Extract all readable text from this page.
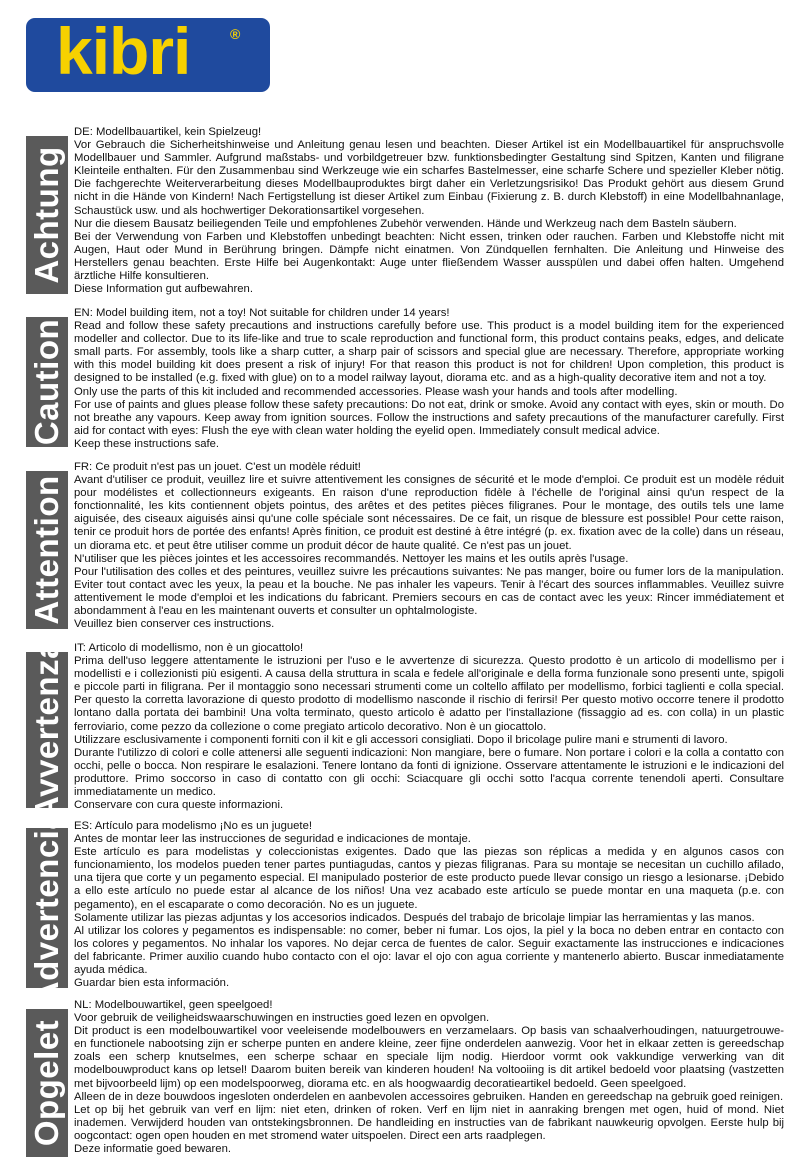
kibri	®
Achtung

DE: Modellbauartikel, kein Spielzeug!

Vor Gebrauch die Sicherheitshinweise und Anleitung genau lesen und beachten. Dieser Artikel ist ein Modellbauartikel für anspruchsvolle Modellbauer und Sammler. Aufgrund maßstabs- und vorbildgetreuer bzw. funktionsbedingter Gestaltung sind Spitzen, Kanten und filigrane Kleinteile enthalten. Für den Zusammenbau sind Werkzeuge wie ein scharfes Bastelmesser, eine scharfe Schere und spezieller Kleber nötig. Die fachgerechte Weiterverarbeitung dieses Modellbauproduktes birgt daher ein Verletzungsrisiko! Das Produkt gehört aus diesem Grund nicht in die Hände von Kindern! Nach Fertigstellung ist dieser Artikel zum Einbau (Fixierung z. B. durch Klebstoff) in eine Modellbahnanlage, Schaustück usw. und als hochwertiger Dekorationsartikel vorgesehen.

Nur die diesem Bausatz beiliegenden Teile und empfohlenes Zubehör verwenden. Hände und Werkzeug nach dem Basteln säubern.

Bei der Verwendung von Farben und Klebstoffen unbedingt beachten: Nicht essen, trinken oder rauchen. Farben und Klebstoffe nicht mit Augen, Haut oder Mund in Berührung bringen. Dämpfe nicht einatmen. Von Zündquellen fernhalten. Die Anleitung und Hinweise des Herstellers genau beachten. Erste Hilfe bei Augenkontakt: Auge unter fließendem Wasser ausspülen und dabei offen halten. Umgehend ärztliche Hilfe konsultieren.

Diese Information gut aufbewahren.

Caution

EN: Model building item, not a toy! Not suitable for children under 14 years!

Read and follow these safety precautions and instructions carefully before use. This product is a model building item for the experienced modeller and collector. Due to its life-like and true to scale reproduction and functional form, this product contains peaks, edges, and delicate small parts. For assembly, tools like a sharp cutter, a sharp pair of scissors and special glue are necessary. Therefore, appropriate working with this model building kit does present a risk of injury! For that reason this product is not for children! Upon completion, this product is designed to be installed (e.g. fixed with glue) on to a model railway layout, diorama etc. and as a high-quality decorative item and not a toy.

Only use the parts of this kit included and recommended accessories. Please wash your hands and tools after modelling.

For use of paints and glues please follow these safety precautions: Do not eat, drink or smoke. Avoid any contact with eyes, skin or mouth. Do not breathe any vapours. Keep away from ignition sources. Follow the instructions and safety precautions of the manufacturer carefully. First aid for contact with eyes: Flush the eye with clean water holding the eyelid open. Immediately consult medical advice.

Keep these instructions safe.

Attention

FR: Ce produit n'est pas un jouet. C'est un modèle réduit!

Avant d'utiliser ce produit, veuillez lire et suivre attentivement les consignes de sécurité et le mode d'emploi. Ce produit est un modèle réduit pour modélistes et collectionneurs exigeants. En raison d'une reproduction fidèle à l'échelle de l'original ainsi qu'un respect de la fonctionnalité, les kits contiennent objets pointus, des arêtes et des petites pièces filigranes. Pour le montage, des outils tels une lame aiguisée, des ciseaux aiguisés ainsi qu'une colle spéciale sont nécessaires. De ce fait, un risque de blessure est possible! Pour cette raison, tenir ce produit hors de portée des enfants! Après finition, ce produit est destiné à être intégré (p. ex. fixation avec de la colle) dans un réseau, un diorama etc. et peut être utiliser comme un produit décor de haute qualité. Ce n'est pas un jouet.

N'utiliser que les pièces jointes et les accessoires recommandés. Nettoyer les mains et les outils après l'usage.

Pour l'utilisation des colles et des peintures, veuillez suivre les précautions suivantes: Ne pas manger, boire ou fumer lors de la manipulation. Eviter tout contact avec les yeux, la peau et la bouche. Ne pas inhaler les vapeurs. Tenir à l'écart des sources inflammables. Veuillez suivre attentivement le mode d'emploi et les indications du fabricant. Premiers secours en cas de contact avec les yeux: Rincer immédiatement et abondamment à l'eau en les maintenant ouverts et consulter un ophtalmologiste.

Veuillez bien conserver ces instructions.

Avvertenza IT: Articolo di modellismo, non è un giocattolo!

Prima dell'uso leggere attentamente le istruzioni per l'uso e le avvertenze di sicurezza. Questo prodotto è un articolo di modellismo per i modellisti e i collezionisti più esigenti. A causa della struttura in scala e fedele all'originale e della forma funzionale sono presenti unte, spigoli e piccole parti in filigrana. Per il montaggio sono necessari strumenti come un coltello affilato per modellismo, forbici taglienti e colla special. Per questo la corretta lavorazione di questo prodotto di modellismo nasconde il rischio di ferirsi! Per questo motivo occorre tenere il prodotto lontano dalla portata dei bambini! Una volta terminato, questo articolo è adatto per l'installazione (fissaggio ad es. con colla) in un plastic ferroviario, come pezzo da collezione o come pregiato articolo decorativo. Non è un giocattolo.

Utilizzare esclusivamente i componenti forniti con il kit e gli accessori consigliati. Dopo il bricolage pulire mani e strumenti di lavoro.

Durante l'utilizzo di colori e colle attenersi alle seguenti indicazioni: Non mangiare, bere o fumare. Non portare i colori e la colla a contatto con occhi, pelle o bocca. Non respirare le esalazioni. Tenere lontano da fonti di ignizione. Osservare attentamente le istruzioni e le indicazioni del produttore. Primo soccorso in caso di contatto con gli occhi: Sciacquare gli occhi sotto l'acqua corrente tenendoli aperti. Consultare immediatamente un medico.

Conservare con cura queste informazioni.

Advertencia ES: Artículo para modelismo ¡No es un juguete!

Antes de montar leer las instrucciones de seguridad e indicaciones de montaje.

Este artículo es para modelistas y coleccionistas exigentes. Dado que las piezas son réplicas a medida y en algunos casos con funcionamiento, los modelos pueden tener partes puntiagudas, cantos y piezas filigranas. Para su montaje se necesitan un cuchillo afilado, una tijera que corte y un pegamento especial. El manipulado posterior de este producto puede llevar consigo un riesgo a lesionarse. ¡Debido a ello este artículo no puede estar al alcance de los niños! Una vez acabado este artículo se puede montar en una maqueta (p.e. con pegamento), en el escaparate o como decoración. No es un juguete.

Solamente utilizar las piezas adjuntas y los accesorios indicados. Después del trabajo de bricolaje limpiar las herramientas y las manos.

Al utilizar los colores y pegamentos es indispensable: no comer, beber ni fumar. Los ojos, la piel y la boca no deben entrar en contacto con los colores y pegamentos. No inhalar los vapores. No dejar cerca de fuentes de calor. Seguir exactamente las instrucciones e indicaciones del fabricante. Primer auxilio cuando hubo contacto con el ojo: lavar el ojo con agua corriente y mantenerlo abierto. Buscar inmediatamente ayuda médica.

Guardar bien esta información.

Opgelet

NL: Modelbouwartikel, geen speelgoed!

Voor gebruik de veiligheidswaarschuwingen en instructies goed lezen en opvolgen.

Dit product is een modelbouwartikel voor veeleisende modelbouwers en verzamelaars. Op basis van schaalverhoudingen, natuurgetrouwe- en functionele nabootsing zijn er scherpe punten en andere kleine, zeer fijne onderdelen aanwezig. Voor het in elkaar zetten is gereedschap zoals een scherp knutselmes, een scherpe schaar en speciale lijm nodig. Hierdoor vormt ook vakkundige verwerking van dit modelbouwproduct kans op letsel! Daarom buiten bereik van kinderen houden! Na voltooiing is dit artikel bedoeld voor plaatsing (vastzetten met bijvoorbeeld lijm) op een modelspoorweg, diorama etc. en als hoogwaardig decoratieartikel bedoeld. Geen speelgoed.

Alleen de in deze bouwdoos ingesloten onderdelen en aanbevolen accessoires gebruiken. Handen en gereedschap na gebruik goed reinigen.

Let op bij het gebruik van verf en lijm: niet eten, drinken of roken. Verf en lijm niet in aanraking brengen met ogen, huid of mond. Niet inademen. Verwijderd houden van ontstekingsbronnen. De handleiding en instructies van de fabrikant nauwkeurig opvolgen. Eerste hulp bij oogcontact: ogen open houden en met stromend water uitspoelen. Direct een arts raadplegen.

Deze informatie goed bewaren.
